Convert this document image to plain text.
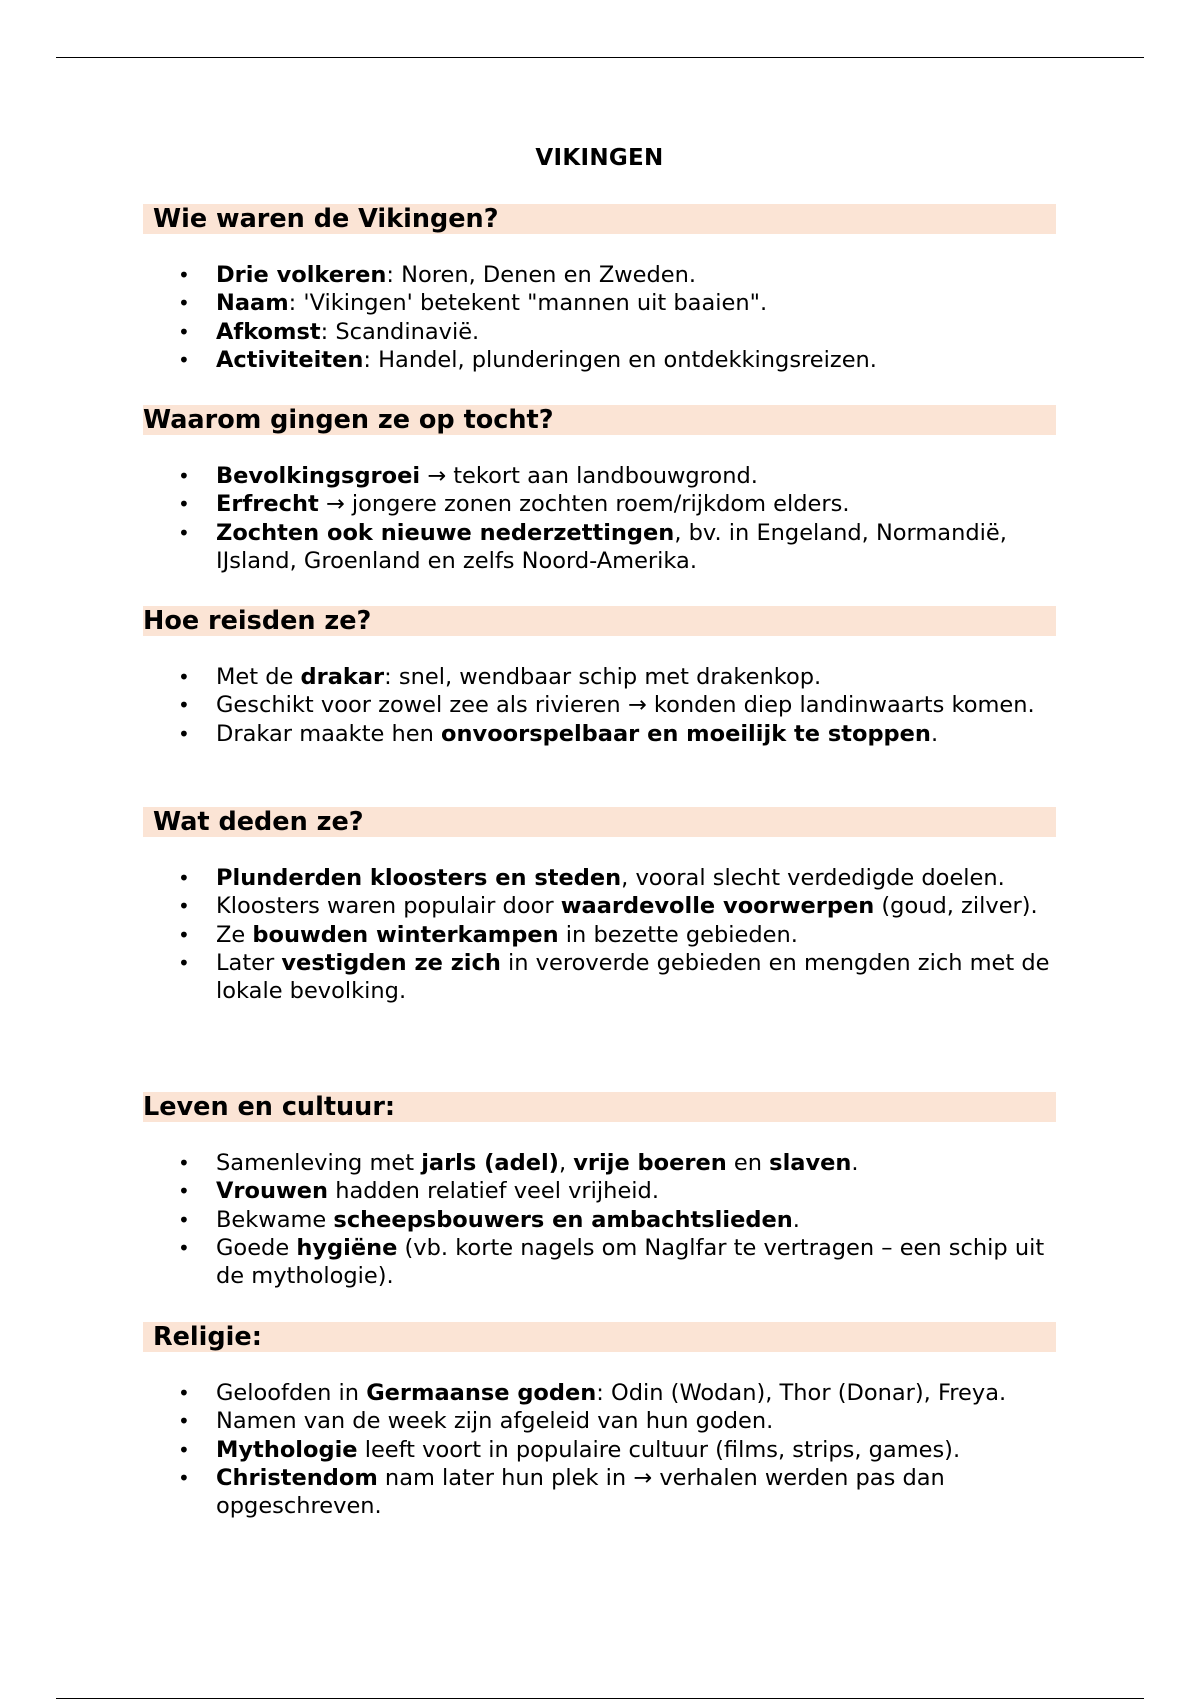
VIKINGEN
Wie waren de Vikingen?
• Drie volkeren: Noren, Denen en Zweden.
• Naam: 'Vikingen' betekent "mannen uit baaien".
• Afkomst: Scandinavië.
• Activiteiten: Handel, plunderingen en ontdekkingsreizen.
Waarom gingen ze op tocht?
• Bevolkingsgroei → tekort aan landbouwgrond.
• Erfrecht → jongere zonen zochten roem/rijkdom elders.
• Zochten ook nieuwe nederzettingen, bv. in Engeland, Normandië, IJsland, Groenland en zelfs Noord-Amerika.
Hoe reisden ze?
• Met de drakar: snel, wendbaar schip met drakenkop.
• Geschikt voor zowel zee als rivieren → konden diep landinwaarts komen.
• Drakar maakte hen onvoorspelbaar en moeilijk te stoppen.
Wat deden ze?
• Plunderden kloosters en steden, vooral slecht verdedigde doelen.
• Kloosters waren populair door waardevolle voorwerpen (goud, zilver).
• Ze bouwden winterkampen in bezette gebieden.
• Later vestigden ze zich in veroverde gebieden en mengden zich met de lokale bevolking.
Leven en cultuur:
• Samenleving met jarls (adel), vrije boeren en slaven.
• Vrouwen hadden relatief veel vrijheid.
• Bekwame scheepsbouwers en ambachtslieden.
• Goede hygiëne (vb. korte nagels om Naglfar te vertragen – een schip uit de mythologie).
Religie:
• Geloofden in Germaanse goden: Odin (Wodan), Thor (Donar), Freya.
• Namen van de week zijn afgeleid van hun goden.
• Mythologie leeft voort in populaire cultuur (films, strips, games).
• Christendom nam later hun plek in → verhalen werden pas dan opgeschreven.
